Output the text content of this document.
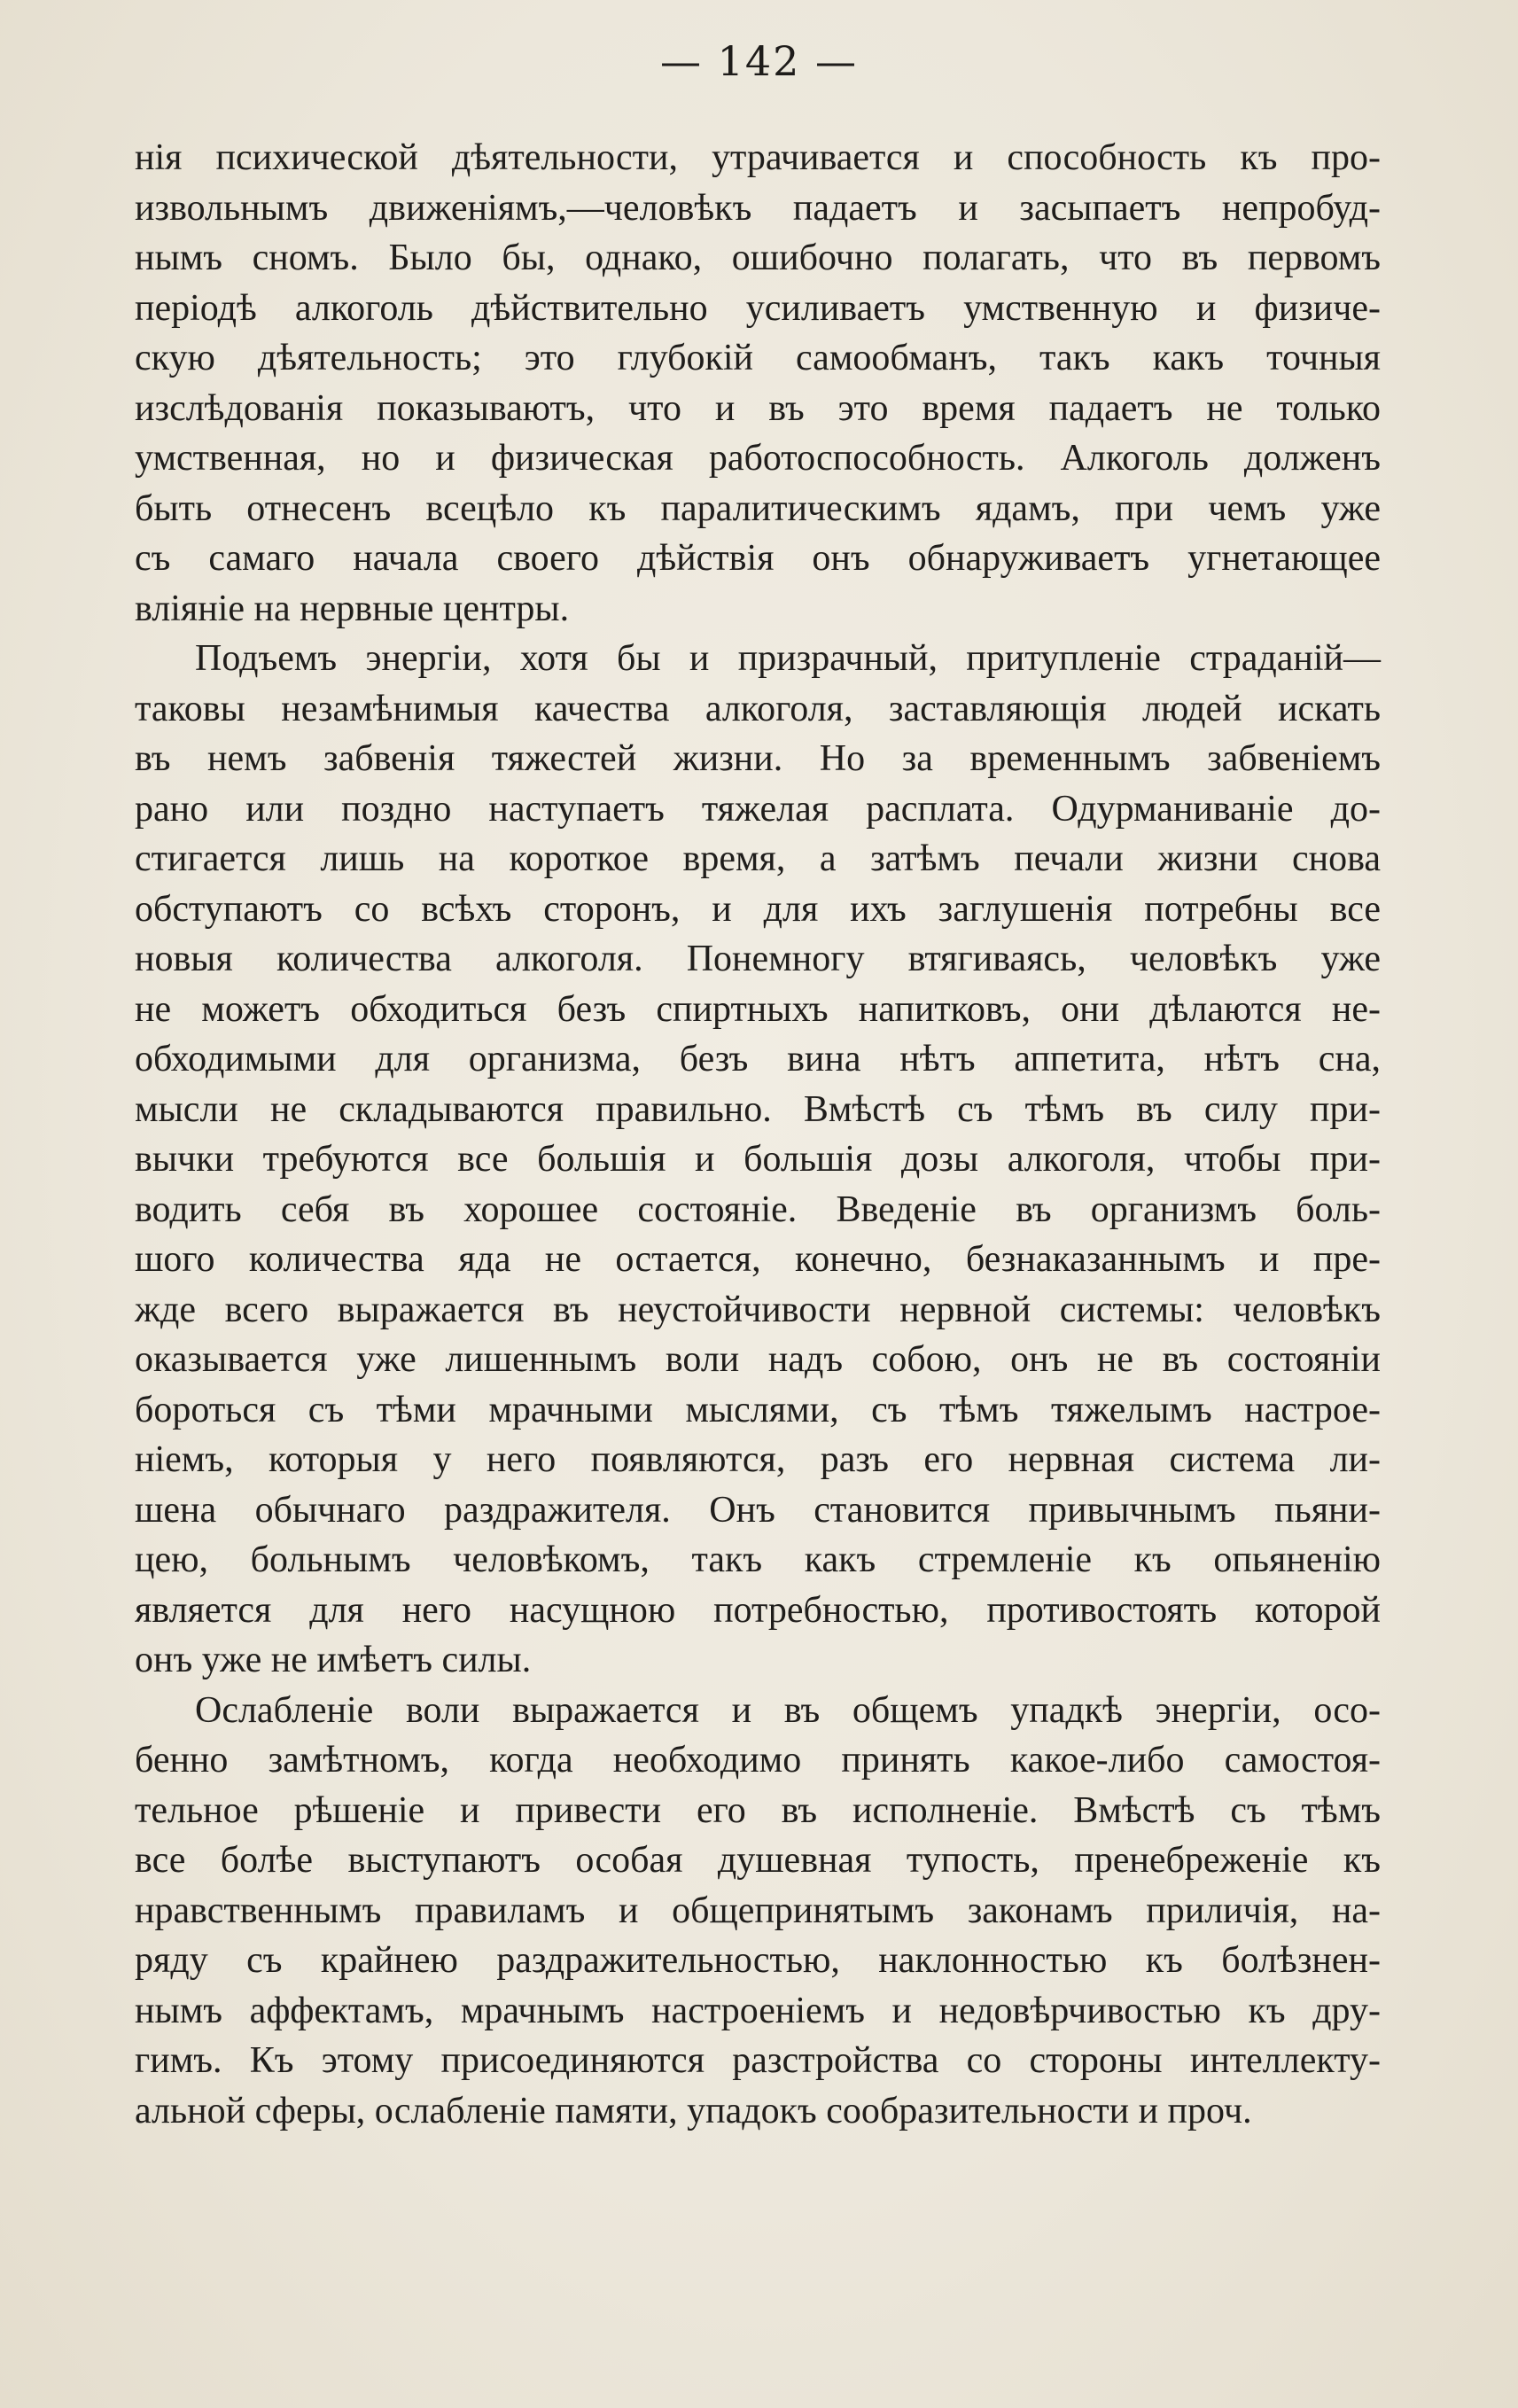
— 142 —
нія психической дѣятельности, утрачивается и способность къ про-
извольнымъ движеніямъ,—человѣкъ падаетъ и засыпаетъ непробуд-
нымъ сномъ. Было бы, однако, ошибочно полагать, что въ первомъ
періодѣ алкоголь дѣйствительно усиливаетъ умственную и физиче-
скую дѣятельность; это глубокій самообманъ, такъ какъ точныя
изслѣдованія показываютъ, что и въ это время падаетъ не только
умственная, но и физическая работоспособность. Алкоголь долженъ
быть отнесенъ всецѣло къ паралитическимъ ядамъ, при чемъ уже
съ самаго начала своего дѣйствія онъ обнаруживаетъ угнетающее
вліяніе на нервные центры.
Подъемъ энергіи, хотя бы и призрачный, притупленіе страданій—
таковы незамѣнимыя качества алкоголя, заставляющія людей искать
въ немъ забвенія тяжестей жизни. Но за временнымъ забвеніемъ
рано или поздно наступаетъ тяжелая расплата. Одурманиваніе до-
стигается лишь на короткое время, а затѣмъ печали жизни снова
обступаютъ со всѣхъ сторонъ, и для ихъ заглушенія потребны все
новыя количества алкоголя. Понемногу втягиваясь, человѣкъ уже
не можетъ обходиться безъ спиртныхъ напитковъ, они дѣлаются не-
обходимыми для организма, безъ вина нѣтъ аппетита, нѣтъ сна,
мысли не складываются правильно. Вмѣстѣ съ тѣмъ въ силу при-
вычки требуются все большія и большія дозы алкоголя, чтобы при-
водить себя въ хорошее состояніе. Введеніе въ организмъ боль-
шого количества яда не остается, конечно, безнаказаннымъ и пре-
жде всего выражается въ неустойчивости нервной системы: человѣкъ
оказывается уже лишеннымъ воли надъ собою, онъ не въ состояніи
бороться съ тѣми мрачными мыслями, съ тѣмъ тяжелымъ настрое-
ніемъ, которыя у него появляются, разъ его нервная система ли-
шена обычнаго раздражителя. Онъ становится привычнымъ пьяни-
цею, больнымъ человѣкомъ, такъ какъ стремленіе къ опьяненію
является для него насущною потребностью, противостоять которой
онъ уже не имѣетъ силы.
Ослабленіе воли выражается и въ общемъ упадкѣ энергіи, осо-
бенно замѣтномъ, когда необходимо принять какое-либо самостоя-
тельное рѣшеніе и привести его въ исполненіе. Вмѣстѣ съ тѣмъ
все болѣе выступаютъ особая душевная тупость, пренебреженіе къ
нравственнымъ правиламъ и общепринятымъ законамъ приличія, на-
ряду съ крайнею раздражительностью, наклонностью къ болѣзнен-
нымъ аффектамъ, мрачнымъ настроеніемъ и недовѣрчивостью къ дру-
гимъ. Къ этому присоединяются разстройства со стороны интеллекту-
альной сферы, ослабленіе памяти, упадокъ сообразительности и проч.
